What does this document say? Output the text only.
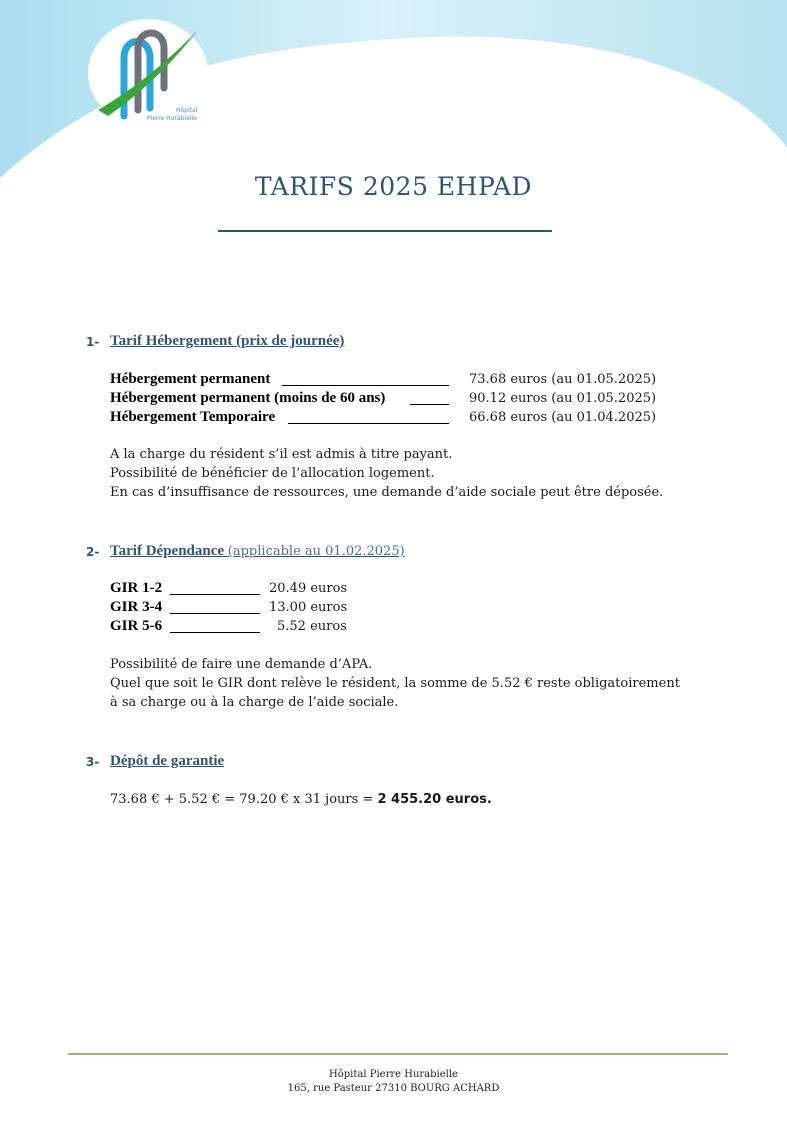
Hôpital
Pierre Hurabielle
TARIFS 2025 EHPAD
1- Tarif Hébergement (prix de journée)
Hébergement permanent	73.68 euros (au 01.05.2025)
Hébergement permanent (moins de 60 ans)	90.12 euros (au 01.05.2025)
Hébergement Temporaire	66.68 euros (au 01.04.2025)
A la charge du résident s’il est admis à titre payant.
Possibilité de bénéficier de l’allocation logement.
En cas d’insuffisance de ressources, une demande d’aide sociale peut être déposée.
2- Tarif Dépendance (applicable au 01.02.2025)
GIR 1-2	20.49 euros
GIR 3-4	13.00 euros
GIR 5-6	5.52 euros
Possibilité de faire une demande d’APA.
Quel que soit le GIR dont relève le résident, la somme de 5.52 € reste obligatoirement
à sa charge ou à la charge de l’aide sociale.
3- Dépôt de garantie
73.68 € + 5.52 € = 79.20 € x 31 jours = 2 455.20 euros.
Hôpital Pierre Hurabielle
165, rue Pasteur 27310 BOURG ACHARD
